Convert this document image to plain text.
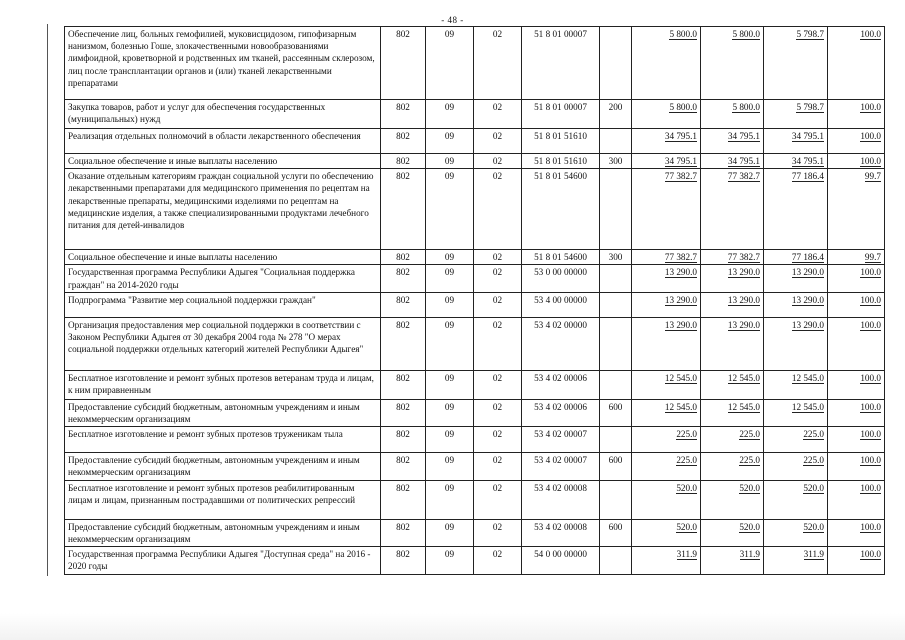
- 48 -
Обеспечение лиц, больных гемофилией, муковисцидозом, гипофизарным нанизмом, болезнью Гоше, злокачественными новообразованиями лимфоидной, кроветворной и родственных им тканей, рассеянным склерозом, лиц после трансплантации органов и (или) тканей лекарственными препаратами	802	09	02	51 8 01 00007		5 800.0	5 800.0	5 798.7	100.0
Закупка товаров, работ и услуг для обеспечения государственных (муниципальных) нужд	802	09	02	51 8 01 00007	200	5 800.0	5 800.0	5 798.7	100.0
Реализация отдельных полномочий в области лекарственного обеспечения	802	09	02	51 8 01 51610		34 795.1	34 795.1	34 795.1	100.0
Социальное обеспечение и иные выплаты населению	802	09	02	51 8 01 51610	300	34 795.1	34 795.1	34 795.1	100.0
Оказание отдельным категориям граждан социальной услуги по обеспечению лекарственными препаратами для медицинского применения по рецептам на лекарственные препараты, медицинскими изделиями по рецептам на медицинские изделия, а также специализированными продуктами лечебного питания для детей-инвалидов	802	09	02	51 8 01 54600		77 382.7	77 382.7	77 186.4	99.7
Социальное обеспечение и иные выплаты населению	802	09	02	51 8 01 54600	300	77 382.7	77 382.7	77 186.4	99.7
Государственная программа Республики Адыгея "Социальная поддержка граждан" на 2014-2020 годы	802	09	02	53 0 00 00000		13 290.0	13 290.0	13 290.0	100.0
Подпрограмма "Развитие мер социальной поддержки граждан"	802	09	02	53 4 00 00000		13 290.0	13 290.0	13 290.0	100.0
Организация предоставления мер социальной поддержки в соответствии с Законом Республики Адыгея от 30 декабря 2004 года № 278 "О мерах социальной поддержки отдельных категорий жителей Республики Адыгея"	802	09	02	53 4 02 00000		13 290.0	13 290.0	13 290.0	100.0
Бесплатное изготовление и ремонт зубных протезов ветеранам труда и лицам, к ним приравненным	802	09	02	53 4 02 00006		12 545.0	12 545.0	12 545.0	100.0
Предоставление субсидий бюджетным, автономным учреждениям и иным некоммерческим организациям	802	09	02	53 4 02 00006	600	12 545.0	12 545.0	12 545.0	100.0
Бесплатное изготовление и ремонт зубных протезов труженикам тыла	802	09	02	53 4 02 00007		225.0	225.0	225.0	100.0
Предоставление субсидий бюджетным, автономным учреждениям и иным некоммерческим организациям	802	09	02	53 4 02 00007	600	225.0	225.0	225.0	100.0
Бесплатное изготовление и ремонт зубных протезов реабилитированным лицам и лицам, признанным пострадавшими от политических репрессий	802	09	02	53 4 02 00008		520.0	520.0	520.0	100.0
Предоставление субсидий бюджетным, автономным учреждениям и иным некоммерческим организациям	802	09	02	53 4 02 00008	600	520.0	520.0	520.0	100.0
Государственная программа Республики Адыгея "Доступная среда" на 2016 - 2020 годы	802	09	02	54 0 00 00000		311.9	311.9	311.9	100.0
